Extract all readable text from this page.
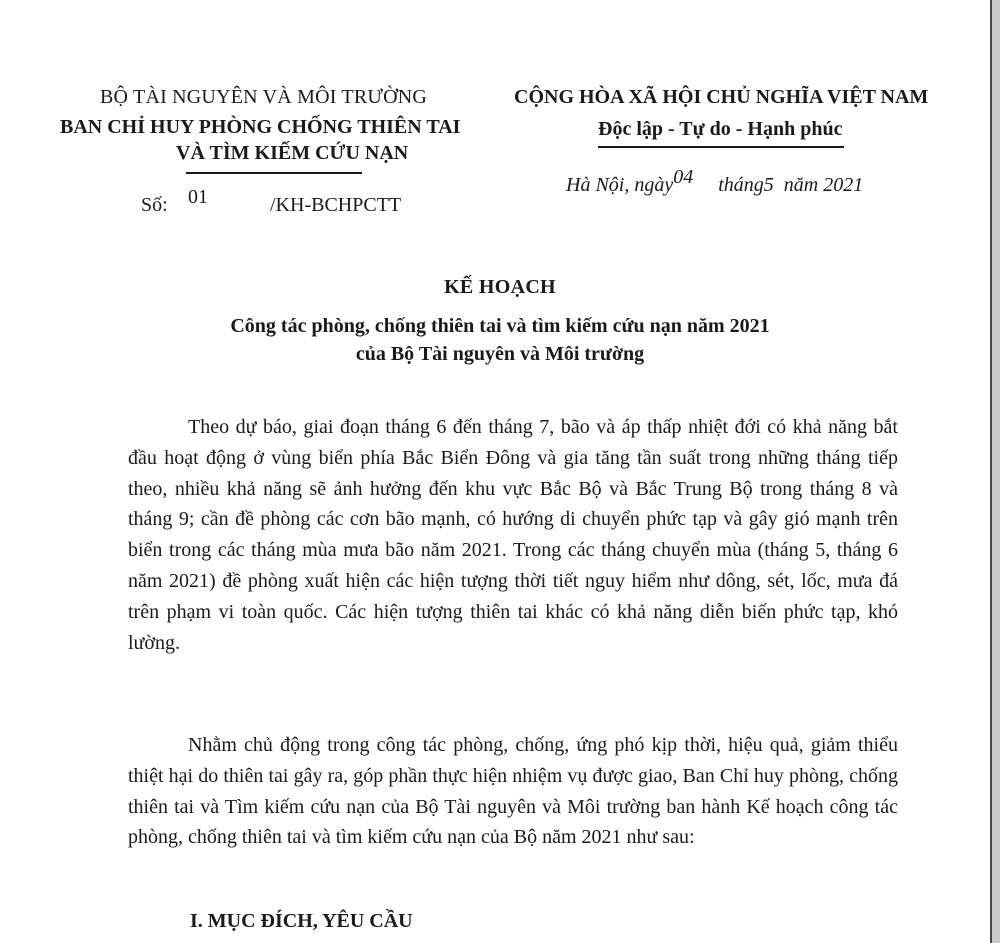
BỘ TÀI NGUYÊN VÀ MÔI TRƯỜNG
BAN CHỈ HUY PHÒNG CHỐNG THIÊN TAI
VÀ TÌM KIẾM CỨU NẠN
Số: 01	/KH-BCHPCTT
CỘNG HÒA XÃ HỘI CHỦ NGHĨA VIỆT NAM
Độc lập - Tự do - Hạnh phúc
Hà Nội, ngày04 tháng5 năm 2021
KẾ HOẠCH
Công tác phòng, chống thiên tai và tìm kiếm cứu nạn năm 2021
của Bộ Tài nguyên và Môi trường

Theo dự báo, giai đoạn tháng 6 đến tháng 7, bão và áp thấp nhiệt đới có khả năng bắt đầu hoạt động ở vùng biển phía Bắc Biển Đông và gia tăng tần suất trong những tháng tiếp theo, nhiều khả năng sẽ ảnh hưởng đến khu vực Bắc Bộ và Bắc Trung Bộ trong tháng 8 và tháng 9; cần đề phòng các cơn bão mạnh, có hướng di chuyển phức tạp và gây gió mạnh trên biển trong các tháng mùa mưa bão năm 2021. Trong các tháng chuyển mùa (tháng 5, tháng 6 năm 2021) đề phòng xuất hiện các hiện tượng thời tiết nguy hiểm như dông, sét, lốc, mưa đá trên phạm vi toàn quốc. Các hiện tượng thiên tai khác có khả năng diễn biến phức tạp, khó lường.

Nhằm chủ động trong công tác phòng, chống, ứng phó kịp thời, hiệu quả, giảm thiểu thiệt hại do thiên tai gây ra, góp phần thực hiện nhiệm vụ được giao, Ban Chỉ huy phòng, chống thiên tai và Tìm kiếm cứu nạn của Bộ Tài nguyên và Môi trường ban hành Kế hoạch công tác phòng, chống thiên tai và tìm kiếm cứu nạn của Bộ năm 2021 như sau:

I. MỤC ĐÍCH, YÊU CẦU
